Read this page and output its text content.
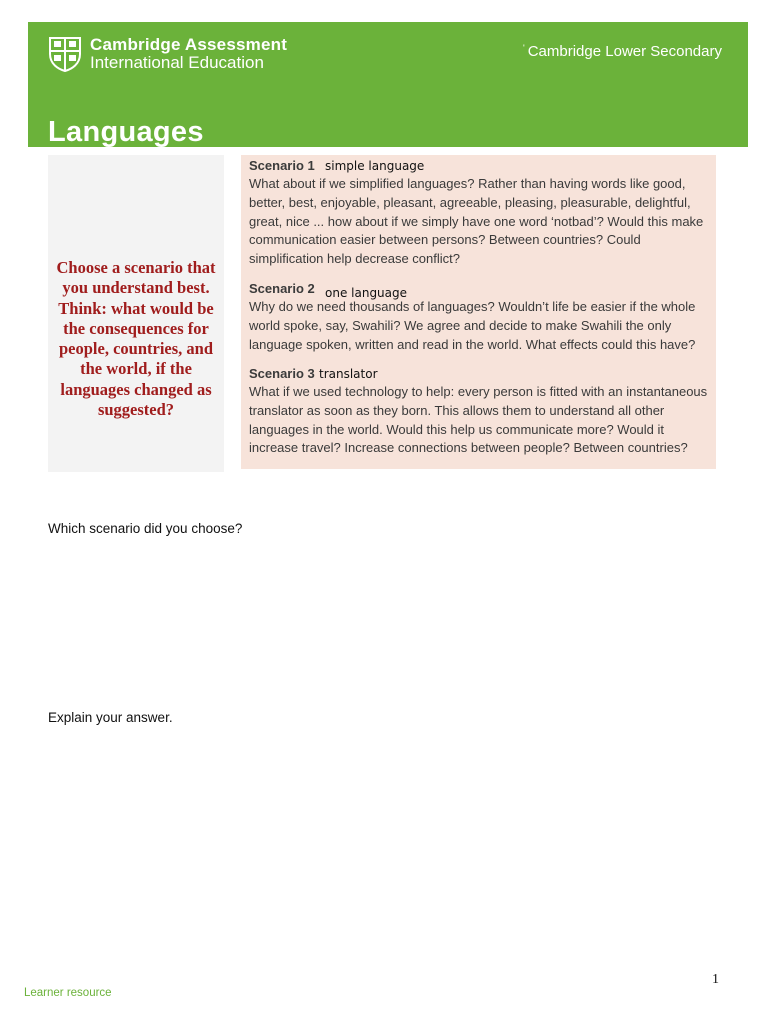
Cambridge Assessment
International Education
' Cambridge Lower Secondary
Languages
Choose a scenario that you understand best. Think: what would be the consequences for people, countries, and the world, if the languages changed as suggested?
Scenario 1 simple language
What about if we simplified languages? Rather than having words like good, better, best, enjoyable, pleasant, agreeable, pleasing, pleasurable, delightful, great, nice ... how about if we simply have one word ‘notbad’? Would this make communication easier between persons? Between countries? Could simplification help decrease conflict?
Scenario 2 one language
Why do we need thousands of languages? Wouldn’t life be easier if the whole world spoke, say, Swahili? We agree and decide to make Swahili the only language spoken, written and read in the world. What effects could this have?
Scenario 3 translator
What if we used technology to help: every person is fitted with an instantaneous translator as soon as they born. This allows them to understand all other languages in the world. Would this help us communicate more? Would it increase travel? Increase connections between people? Between countries?
Which scenario did you choose?
Explain your answer.
1
Learner resource
